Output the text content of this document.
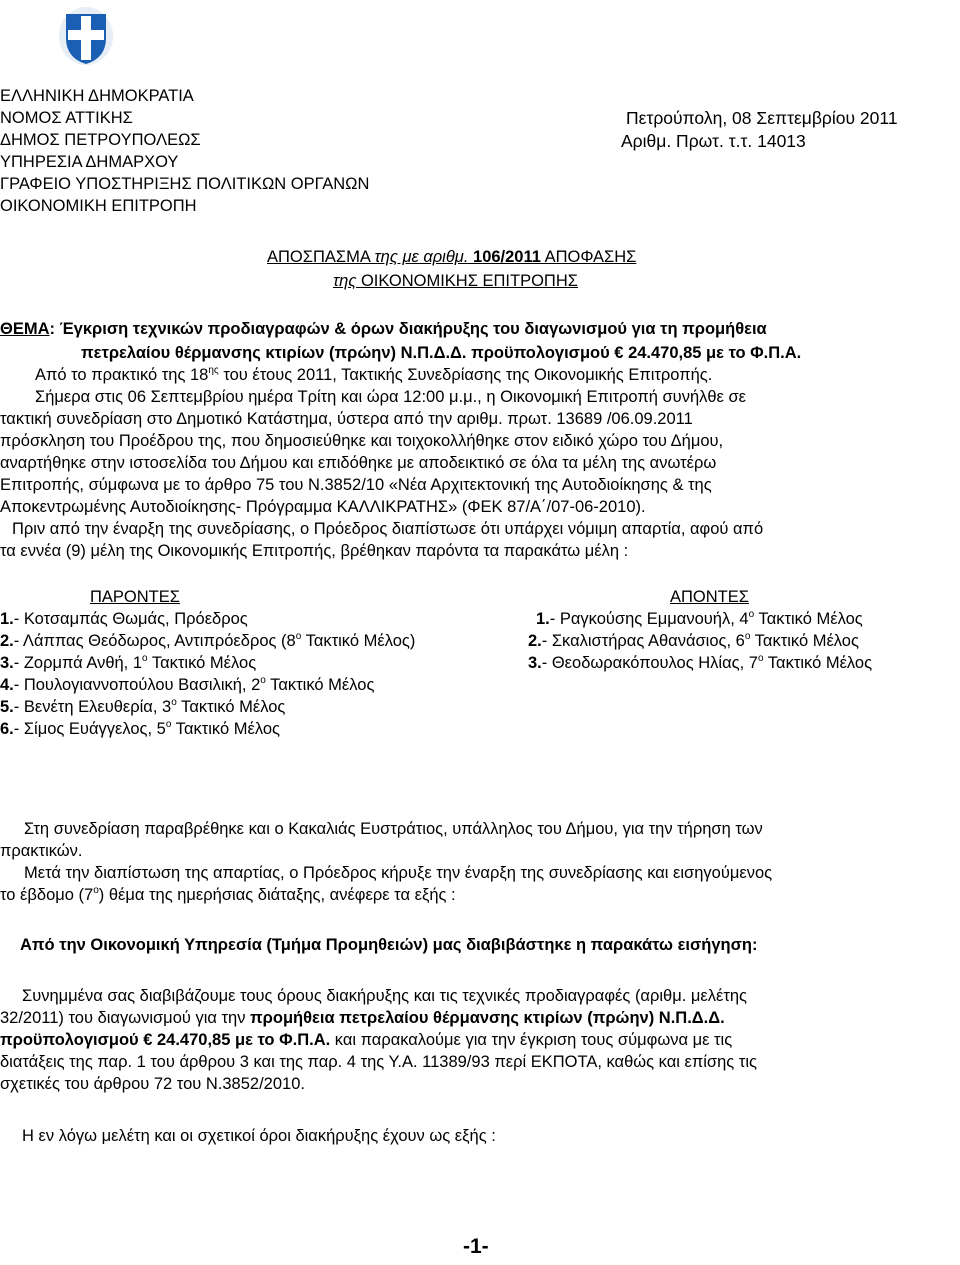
ΕΛΛΗΝΙΚΗ ΔΗΜΟΚΡΑΤΙΑ
ΝΟΜΟΣ ΑΤΤΙΚΗΣ
ΔΗΜΟΣ ΠΕΤΡΟΥΠΟΛΕΩΣ
ΥΠΗΡΕΣΙΑ ΔΗΜΑΡΧΟΥ
ΓΡΑΦΕΙΟ ΥΠΟΣΤΗΡΙΞΗΣ ΠΟΛΙΤΙΚΩΝ ΟΡΓΑΝΩΝ
ΟΙΚΟΝΟΜΙΚΗ ΕΠΙΤΡΟΠΗ
Πετρούπολη, 08 Σεπτεμβρίου 2011
Αριθμ. Πρωτ. τ.τ. 14013
ΑΠΟΣΠΑΣΜΑ της με αριθμ. 106/2011 ΑΠΟΦΑΣΗΣ
της ΟΙΚΟΝΟΜΙΚΗΣ ΕΠΙΤΡΟΠΗΣ
ΘΕΜΑ: Έγκριση τεχνικών προδιαγραφών & όρων διακήρυξης του διαγωνισμού για τη προμήθεια
πετρελαίου θέρμανσης κτιρίων (πρώην) Ν.Π.Δ.Δ. προϋπολογισμού € 24.470,85 με το Φ.Π.Α.
Από το πρακτικό της $18^{\eta\varsigma}$ του έτους 2011, Τακτικής Συνεδρίασης της Οικονομικής Επιτροπής.
Σήμερα στις 06 Σεπτεμβρίου ημέρα Τρίτη και ώρα 12:00 μ.μ., η Οικονομική Επιτροπή συνήλθε σε
τακτική συνεδρίαση στο Δημοτικό Κατάστημα, ύστερα από την αριθμ. πρωτ. 13689 /06.09.2011
πρόσκληση του Προέδρου της, που δημοσιεύθηκε και τοιχοκολλήθηκε στον ειδικό χώρο του Δήμου,
αναρτήθηκε στην ιστοσελίδα του Δήμου και επιδόθηκε με αποδεικτικό σε όλα τα μέλη της ανωτέρω
Επιτροπής, σύμφωνα με το άρθρο 75 του Ν.3852/10 «Νέα Αρχιτεκτονική της Αυτοδιοίκησης & της
Αποκεντρωμένης Αυτοδιοίκησης- Πρόγραμμα ΚΑΛΛΙΚΡΑΤΗΣ» (ΦΕΚ 87/Α΄/07-06-2010).
Πριν από την έναρξη της συνεδρίασης, ο Πρόεδρος διαπίστωσε ότι υπάρχει νόμιμη απαρτία, αφού από
τα εννέα (9) μέλη της Οικονομικής Επιτροπής, βρέθηκαν παρόντα τα παρακάτω μέλη :
ΠΑΡΟΝΤΕΣ	ΑΠΟΝΤΕΣ
1.- Κοτσαμπάς Θωμάς, Πρόεδρος
2.- Λάππας Θεόδωρος, Αντιπρόεδρος ($8^o$ Τακτικό Μέλος)
3.- Ζορμπά Ανθή, $1^o$ Τακτικό Μέλος
4.- Πουλογιαννοπούλου Βασιλική, $2^o$ Τακτικό Μέλος
5.- Βενέτη Ελευθερία, $3^o$ Τακτικό Μέλος
6.- Σίμος Ευάγγελος, $5^o$ Τακτικό Μέλος
1.- Ραγκούσης Εμμανουήλ, $4^o$ Τακτικό Μέλος
2.- Σκαλιστήρας Αθανάσιος, $6^o$ Τακτικό Μέλος
3.- Θεοδωρακόπουλος Ηλίας, $7^o$ Τακτικό Μέλος
Στη συνεδρίαση παραβρέθηκε και ο Κακαλιάς Ευστράτιος, υπάλληλος του Δήμου, για την τήρηση των
πρακτικών.
Μετά την διαπίστωση της απαρτίας, ο Πρόεδρος κήρυξε την έναρξη της συνεδρίασης και εισηγούμενος
το έβδομο $(7^o)$ θέμα της ημερήσιας διάταξης, ανέφερε τα εξής :
Από την Οικονομική Υπηρεσία (Τμήμα Προμηθειών) μας διαβιβάστηκε η παρακάτω εισήγηση:
Συνημμένα σας διαβιβάζουμε τους όρους διακήρυξης και τις τεχνικές προδιαγραφές (αριθμ. μελέτης
32/2011) του διαγωνισμού για την προμήθεια πετρελαίου θέρμανσης κτιρίων (πρώην) Ν.Π.Δ.Δ.
προϋπολογισμού € 24.470,85 με το Φ.Π.Α. και παρακαλούμε για την έγκριση τους σύμφωνα με τις
διατάξεις της παρ. 1 του άρθρου 3 και της παρ. 4 της Υ.Α. 11389/93 περί ΕΚΠΟΤΑ, καθώς και επίσης τις
σχετικές του άρθρου 72 του Ν.3852/2010.
Η εν λόγω μελέτη και οι σχετικοί όροι διακήρυξης έχουν ως εξής :
-1-
